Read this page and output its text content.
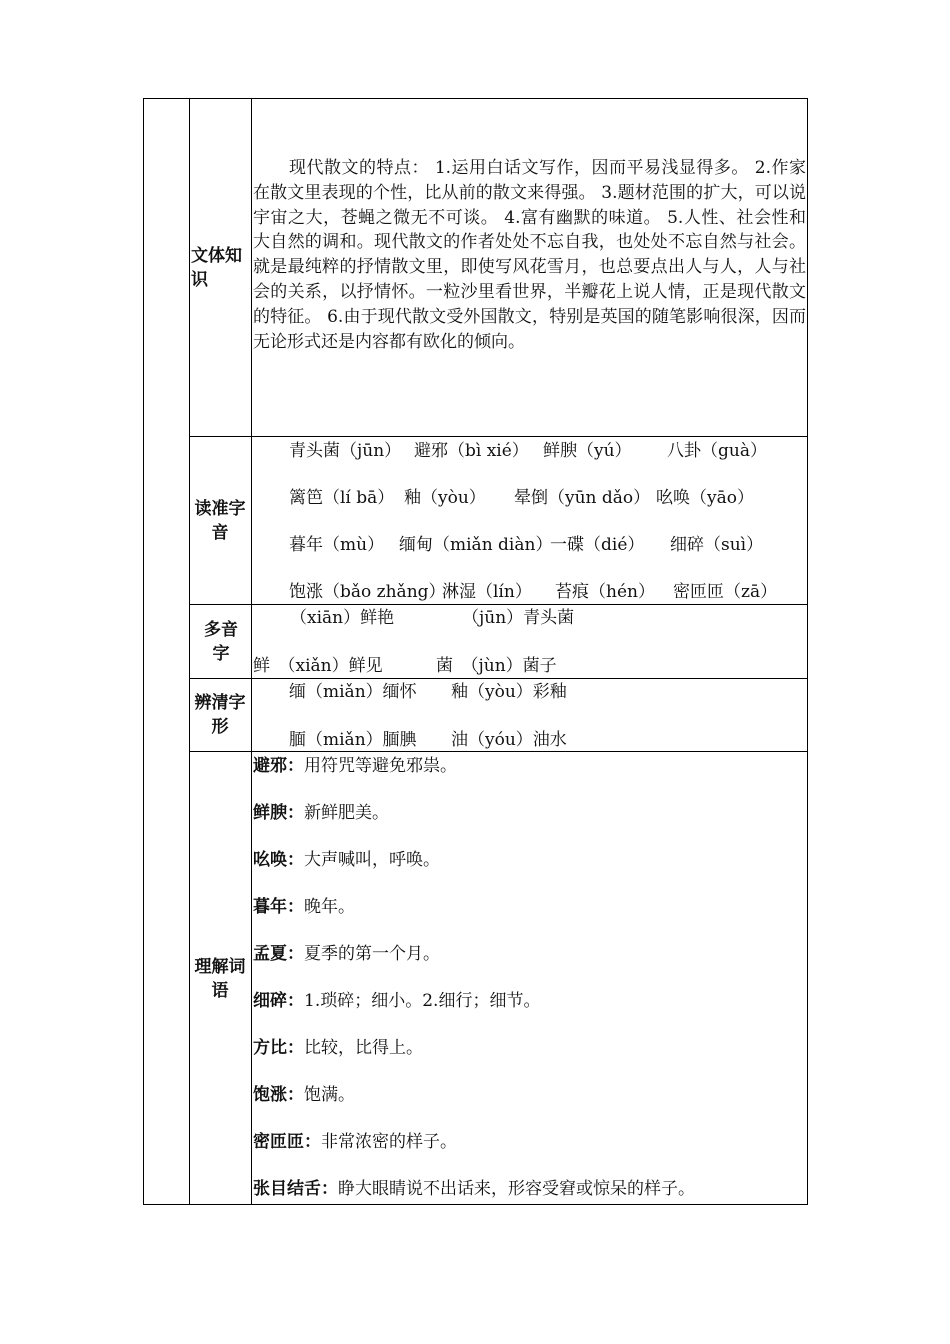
文体知识
现代散文的特点： 1.运用白话文写作，因而平易浅显得多。 2.作家在散文里表现的个性，比从前的散文来得强。 3.题材范围的扩大，可以说宇宙之大，苍蝇之微无不可谈。 4.富有幽默的味道。 5.人性、社会性和大自然的调和。现代散文的作者处处不忘自我，也处处不忘自然与社会。就是最纯粹的抒情散文里，即使写风花雪月，也总要点出人与人，人与社会的关系，以抒情怀。一粒沙里看世界，半瓣花上说人情，正是现代散文的特征。 6.由于现代散文受外国散文，特别是英国的随笔影响很深，因而无论形式还是内容都有欧化的倾向。
读准字音
青头菌（jūn） 避邪（bì xié） 鲜腴（yú） 八卦（guà）
篱笆（lí bā） 釉（yòu） 晕倒（yūn dǎo） 吆唤（yāo）
暮年（mù） 缅甸（miǎn diàn）
一碟（dié） 细碎（suì）
饱涨（bǎo zhǎng）
淋湿（lín） 苔痕（hén） 密匝匝（zā）
多音字
（xiān）鲜艳	（jūn）青头菌
鲜　（xiǎn）鲜见	菌　（jùn）菌子
辨清字形
缅（miǎn）缅怀 釉（yòu）彩釉
腼（miǎn）腼腆 油（yóu）油水
理解词语
避邪：用符咒等避免邪祟。
鲜腴：新鲜肥美。
吆唤：大声喊叫，呼唤。
暮年：晚年。
孟夏：夏季的第一个月。
细碎：1.琐碎；细小。2.细行；细节。
方比：比较，比得上。
饱涨：饱满。
密匝匝：非常浓密的样子。
张目结舌：睁大眼睛说不出话来，形容受窘或惊呆的样子。
